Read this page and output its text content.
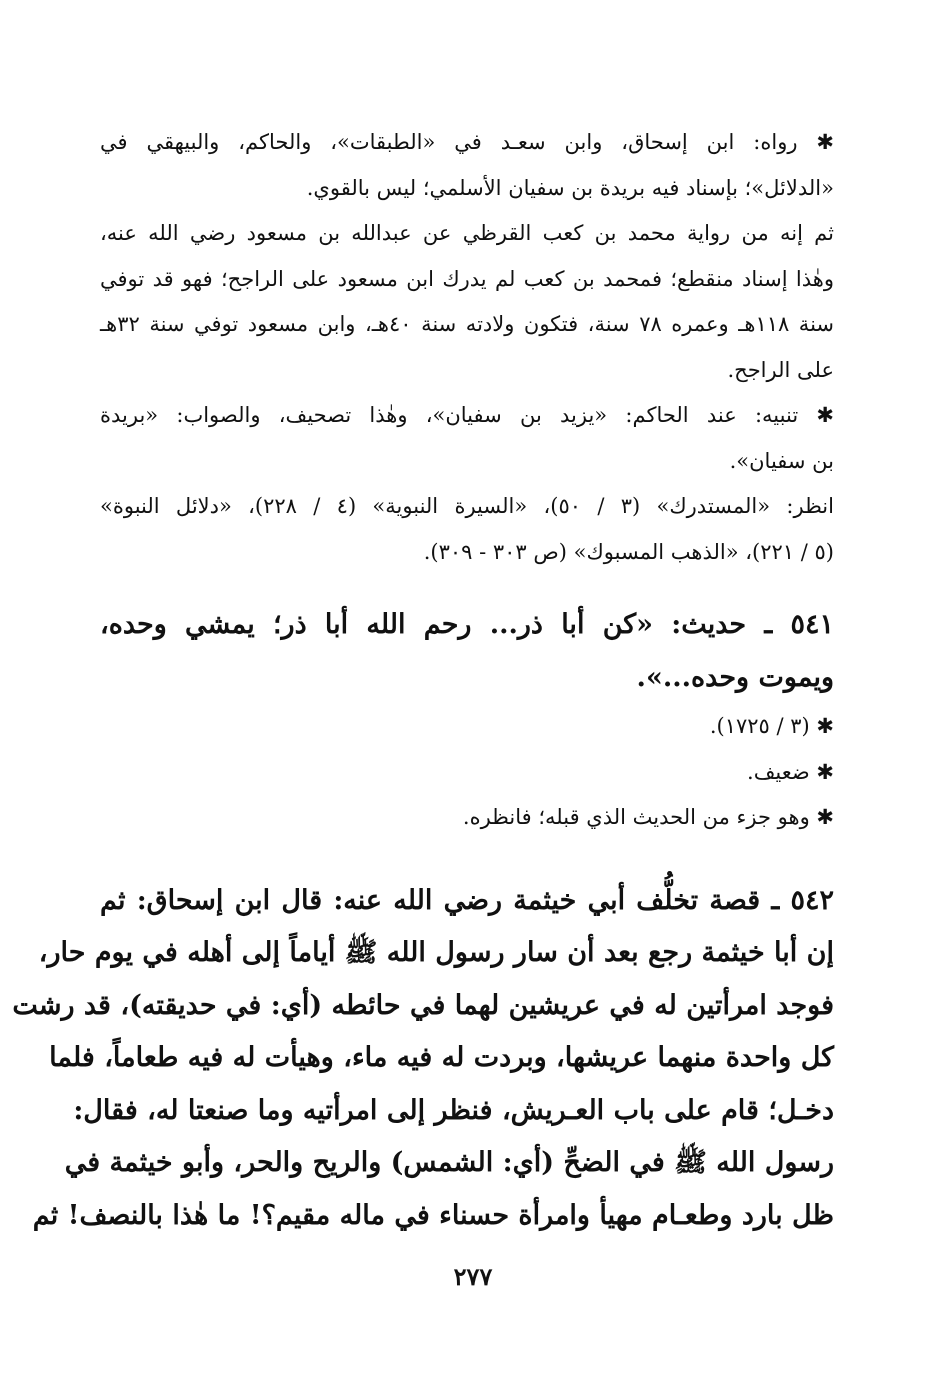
✱ رواه: ابن إسحاق، وابن سعـد في «الطبقات»، والحاكم، والبيهقي في
«الدلائل»؛ بإسناد فيه بريدة بن سفيان الأسلمي؛ ليس بالقوي.
ثم إنه من رواية محمد بن كعب القرظي عن عبدالله بن مسعود رضي الله عنه،
وهٰذا إسناد منقطع؛ فمحمد بن كعب لم يدرك ابن مسعود على الراجح؛ فهو قد توفي
سنة ١١٨هـ وعمره ٧٨ سنة، فتكون ولادته سنة ٤٠هـ، وابن مسعود توفي سنة ٣٢هـ
على الراجح.
✱ تنبيه: عند الحاكم: «يزيد بن سفيان»، وهٰذا تصحيف، والصواب: «بريدة
بن سفيان».
انظر: «المستدرك» (٣ / ٥٠)، «السيرة النبوية» (٤ / ٢٢٨)، «دلائل النبوة»
(٥ / ٢٢١)، «الذهب المسبوك» (ص ٣٠٣ - ٣٠٩).
٥٤١ ـ حديث: «كن أبا ذر... رحم الله أبا ذر؛ يمشي وحده،
ويموت وحده...».
✱ (٣ / ١٧٢٥).
✱ ضعيف.
✱ وهو جزء من الحديث الذي قبله؛ فانظره.
٥٤٢ ـ قصة تخلُّف أبي خيثمة رضي الله عنه: قال ابن إسحاق: ثم
إن أبا خيثمة رجع بعد أن سار رسول الله ﷺ أياماً إلى أهله في يوم حار،
فوجد امرأتين له في عريشين لهما في حائطه (أي: في حديقته)، قد رشت
كل واحدة منهما عريشها، وبردت له فيه ماء، وهيأت له فيه طعاماً، فلما
دخـل؛ قام على باب العـريش، فنظر إلى امرأتيه وما صنعتا له، فقال:
رسول الله ﷺ في الضحِّ (أي: الشمس) والريح والحر، وأبو خيثمة في
ظل بارد وطعـام مهيأ وامرأة حسناء في ماله مقيم؟! ما هٰذا بالنصف! ثم
٢٧٧
